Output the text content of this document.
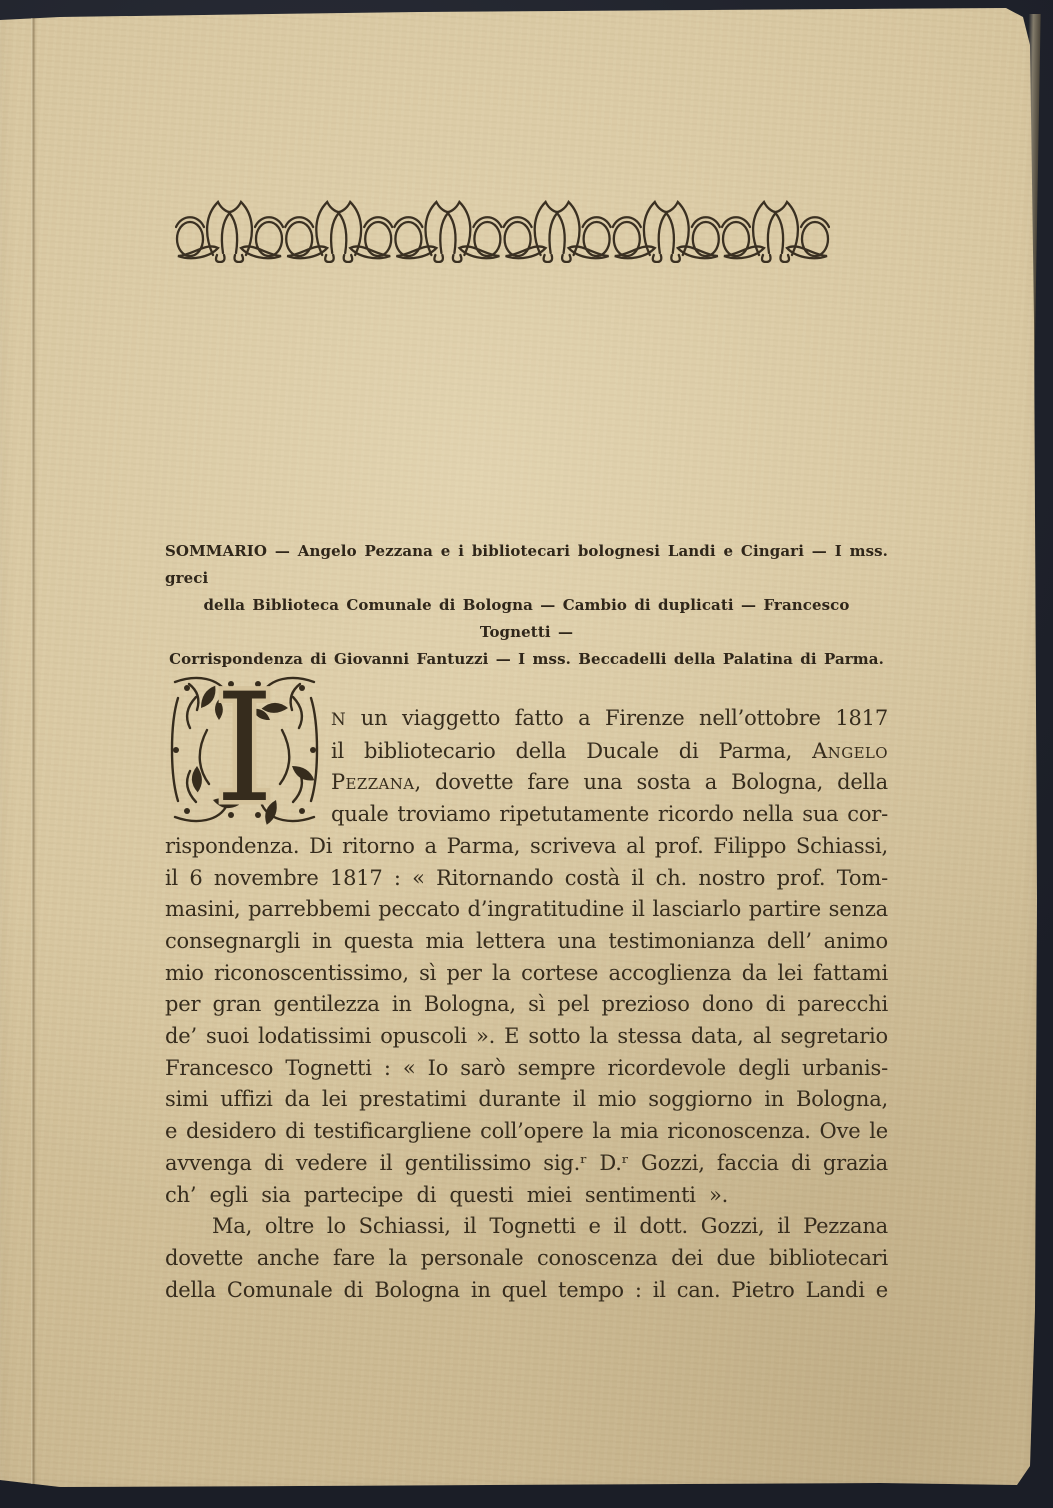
SOMMARIO — Angelo Pezzana e i bibliotecari bolognesi Landi e Cingari — I mss. greci
della Biblioteca Comunale di Bologna — Cambio di duplicati — Francesco Tognetti —
Corrispondenza di Giovanni Fantuzzi — I mss. Beccadelli della Palatina di Parma.
I	N un viaggetto fatto a Firenze nell’ottobre 1817
il bibliotecario della Ducale di Parma, Angelo
Pezzana, dovette fare una sosta a Bologna, della
quale troviamo ripetutamente ricordo nella sua cor-
rispondenza. Di ritorno a Parma, scriveva al prof. Filippo Schiassi,
il 6 novembre 1817 : « Ritornando costà il ch. nostro prof. Tom-
masini, parrebbemi peccato d’ingratitudine il lasciarlo partire senza
consegnargli in questa mia lettera una testimonianza dell’ animo
mio riconoscentissimo, sì per la cortese accoglienza da lei fattami
per gran gentilezza in Bologna, sì pel prezioso dono di parecchi
de’ suoi lodatissimi opuscoli ». E sotto la stessa data, al segretario
Francesco Tognetti : « Io sarò sempre ricordevole degli urbanis-
simi uffizi da lei prestatimi durante il mio soggiorno in Bologna,
e desidero di testificargliene coll’opere la mia riconoscenza. Ove le
avvenga di vedere il gentilissimo sig.ʳ D.ʳ Gozzi, faccia di grazia
ch’ egli sia partecipe di questi miei sentimenti ».
Ma, oltre lo Schiassi, il Tognetti e il dott. Gozzi, il Pezzana
dovette anche fare la personale conoscenza dei due bibliotecari
della Comunale di Bologna in quel tempo : il can. Pietro Landi e
